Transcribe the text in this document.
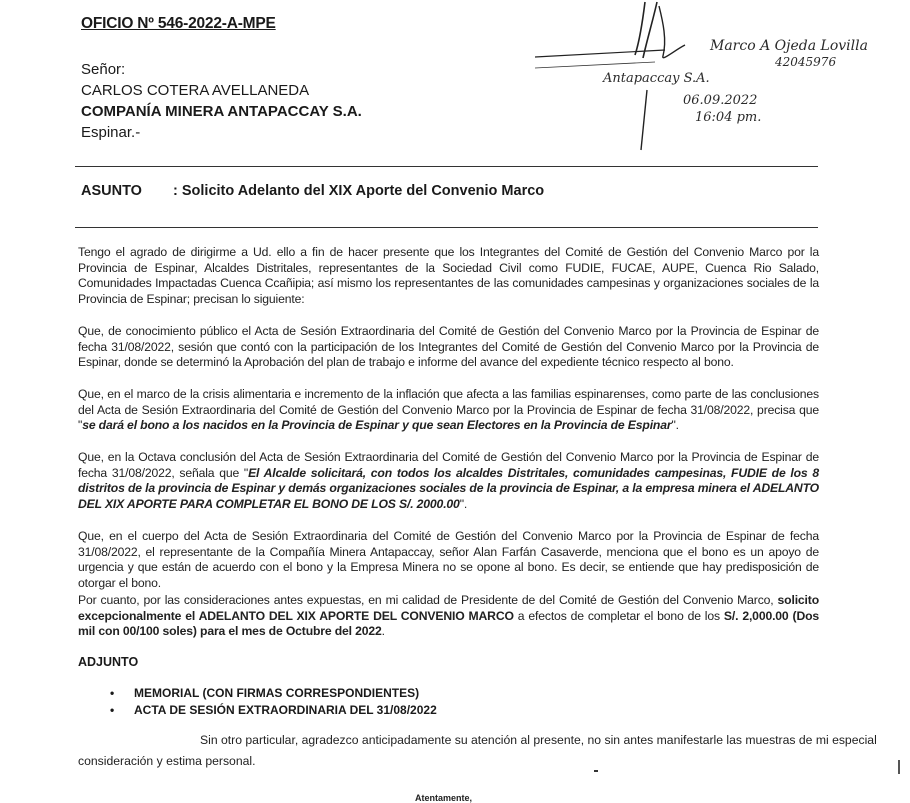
OFICIO Nº 546-2022-A-MPE
Señor:
CARLOS COTERA AVELLANEDA
COMPANÍA MINERA ANTAPACCAY S.A.
Espinar.-
Marco A Ojeda Lovilla
42045976
Antapaccay S.A.
06.09.2022
16:04 pm.
ASUNTO : Solicito Adelanto del XIX Aporte del Convenio Marco
Tengo el agrado de dirigirme a Ud. ello a fin de hacer presente que los Integrantes del Comité de Gestión del Convenio Marco por la Provincia de Espinar, Alcaldes Distritales, representantes de la Sociedad Civil como FUDIE, FUCAE, AUPE, Cuenca Rio Salado, Comunidades Impactadas Cuenca Ccañipia; así mismo los representantes de las comunidades campesinas y organizaciones sociales de la Provincia de Espinar; precisan lo siguiente:
Que, de conocimiento público el Acta de Sesión Extraordinaria del Comité de Gestión del Convenio Marco por la Provincia de Espinar de fecha 31/08/2022, sesión que contó con la participación de los Integrantes del Comité de Gestión del Convenio Marco por la Provincia de Espinar, donde se determinó la Aprobación del plan de trabajo e informe del avance del expediente técnico respecto al bono.
Que, en el marco de la crisis alimentaria e incremento de la inflación que afecta a las familias espinarenses, como parte de las conclusiones del Acta de Sesión Extraordinaria del Comité de Gestión del Convenio Marco por la Provincia de Espinar de fecha 31/08/2022, precisa que "se dará el bono a los nacidos en la Provincia de Espinar y que sean Electores en la Provincia de Espinar".
Que, en la Octava conclusión del Acta de Sesión Extraordinaria del Comité de Gestión del Convenio Marco por la Provincia de Espinar de fecha 31/08/2022, señala que "El Alcalde solicitará, con todos los alcaldes Distritales, comunidades campesinas, FUDIE de los 8 distritos de la provincia de Espinar y demás organizaciones sociales de la provincia de Espinar, a la empresa minera el ADELANTO DEL XIX APORTE PARA COMPLETAR EL BONO DE LOS S/. 2000.00".
Que, en el cuerpo del Acta de Sesión Extraordinaria del Comité de Gestión del Convenio Marco por la Provincia de Espinar de fecha 31/08/2022, el representante de la Compañía Minera Antapaccay, señor Alan Farfán Casaverde, menciona que el bono es un apoyo de urgencia y que están de acuerdo con el bono y la Empresa Minera no se opone al bono. Es decir, se entiende que hay predisposición de otorgar el bono.
Por cuanto, por las consideraciones antes expuestas, en mi calidad de Presidente de del Comité de Gestión del Convenio Marco, solicito excepcionalmente el ADELANTO DEL XIX APORTE DEL CONVENIO MARCO a efectos de completar el bono de los S/. 2,000.00 (Dos mil con 00/100 soles) para el mes de Octubre del 2022.
ADJUNTO
• MEMORIAL (CON FIRMAS CORRESPONDIENTES)
• ACTA DE SESIÓN EXTRAORDINARIA DEL 31/08/2022
Sin otro particular, agradezco anticipadamente su atención al presente, no sin antes manifestarle las muestras de mi especial
consideración y estima personal.
Atentamente,
